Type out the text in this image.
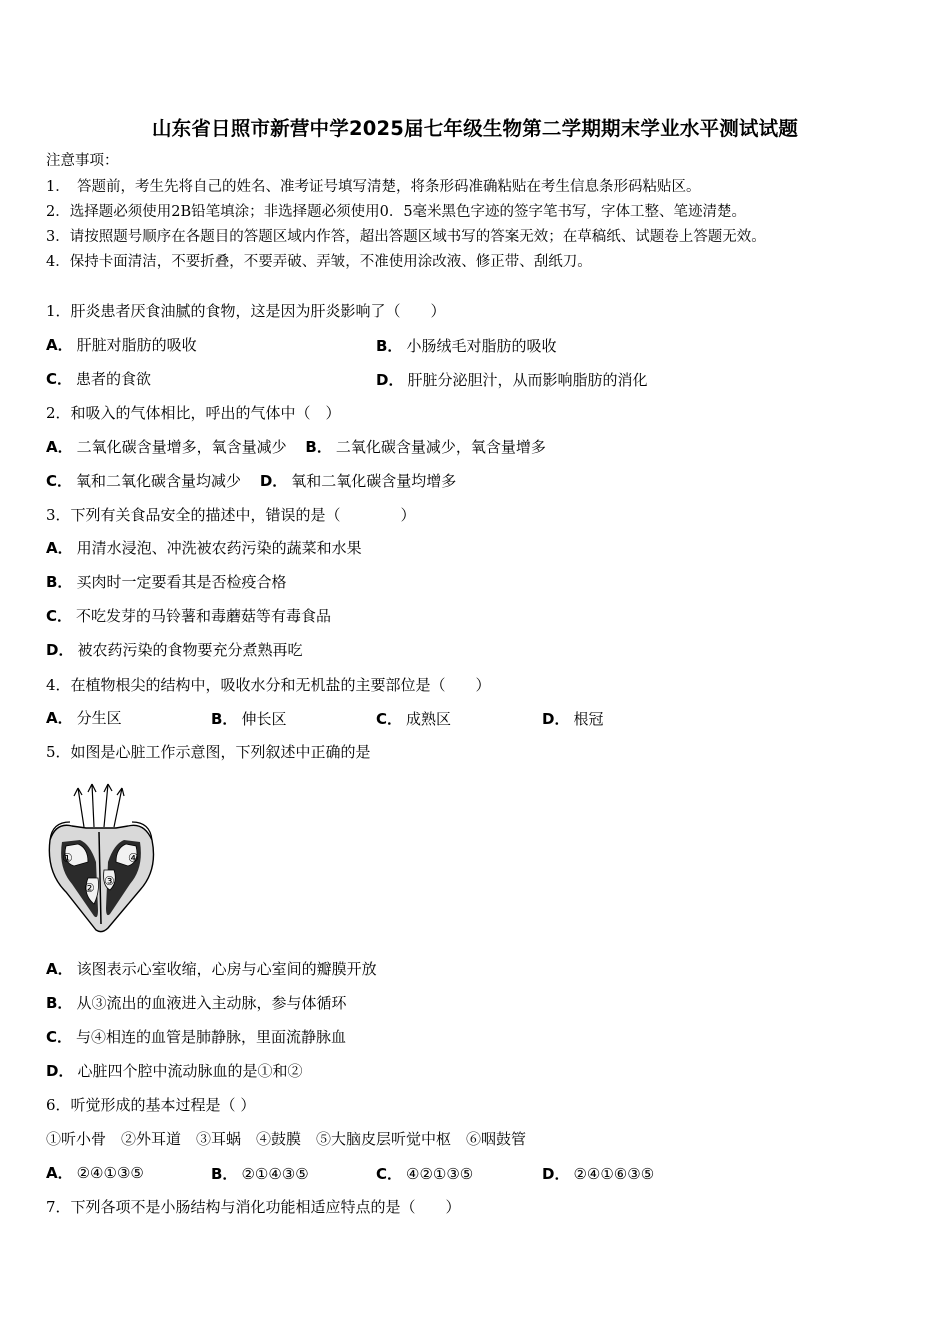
山东省日照市新营中学2025届七年级生物第二学期期末学业水平测试试题
注意事项：
1．　答题前，考生先将自己的姓名、准考证号填写清楚，将条形码准确粘贴在考生信息条形码粘贴区。
2．选择题必须使用2B铅笔填涂；非选择题必须使用0．5毫米黑色字迹的签字笔书写，字体工整、笔迹清楚。
3．请按照题号顺序在各题目的答题区域内作答，超出答题区域书写的答案无效；在草稿纸、试题卷上答题无效。
4．保持卡面清洁，不要折叠，不要弄破、弄皱，不准使用涂改液、修正带、刮纸刀。
1．肝炎患者厌食油腻的食物，这是因为肝炎影响了（　　）
A． 肝脏对脂肪的吸收	B． 小肠绒毛对脂肪的吸收
C． 患者的食欲	D． 肝脏分泌胆汁，从而影响脂肪的消化
2．和吸入的气体相比，呼出的气体中（　）
A． 二氧化碳含量增多，氧含量减少 B． 二氧化碳含量减少，氧含量增多
C． 氧和二氧化碳含量均减少 D． 氧和二氧化碳含量均增多
3．下列有关食品安全的描述中，错误的是（　　　　）
A． 用清水浸泡、冲洗被农药污染的蔬菜和水果
B． 买肉时一定要看其是否检疫合格
C． 不吃发芽的马铃薯和毒蘑菇等有毒食品
D． 被农药污染的食物要充分煮熟再吃
4．在植物根尖的结构中，吸收水分和无机盐的主要部位是（　　）
A． 分生区	B． 伸长区	C． 成熟区	D． 根冠
5．如图是心脏工作示意图，下列叙述中正确的是
①
② ③
④
A． 该图表示心室收缩，心房与心室间的瓣膜开放
B． 从③流出的血液进入主动脉，参与体循环
C． 与④相连的血管是肺静脉，里面流静脉血
D． 心脏四个腔中流动脉血的是①和②
6．听觉形成的基本过程是（ ）
①听小骨　②外耳道　③耳蜗　④鼓膜　⑤大脑皮层听觉中枢　⑥咽鼓管
A． ②④①③⑤	B． ②①④③⑤	C． ④②①③⑤	D． ②④①⑥③⑤
7．下列各项不是小肠结构与消化功能相适应特点的是（　　）
